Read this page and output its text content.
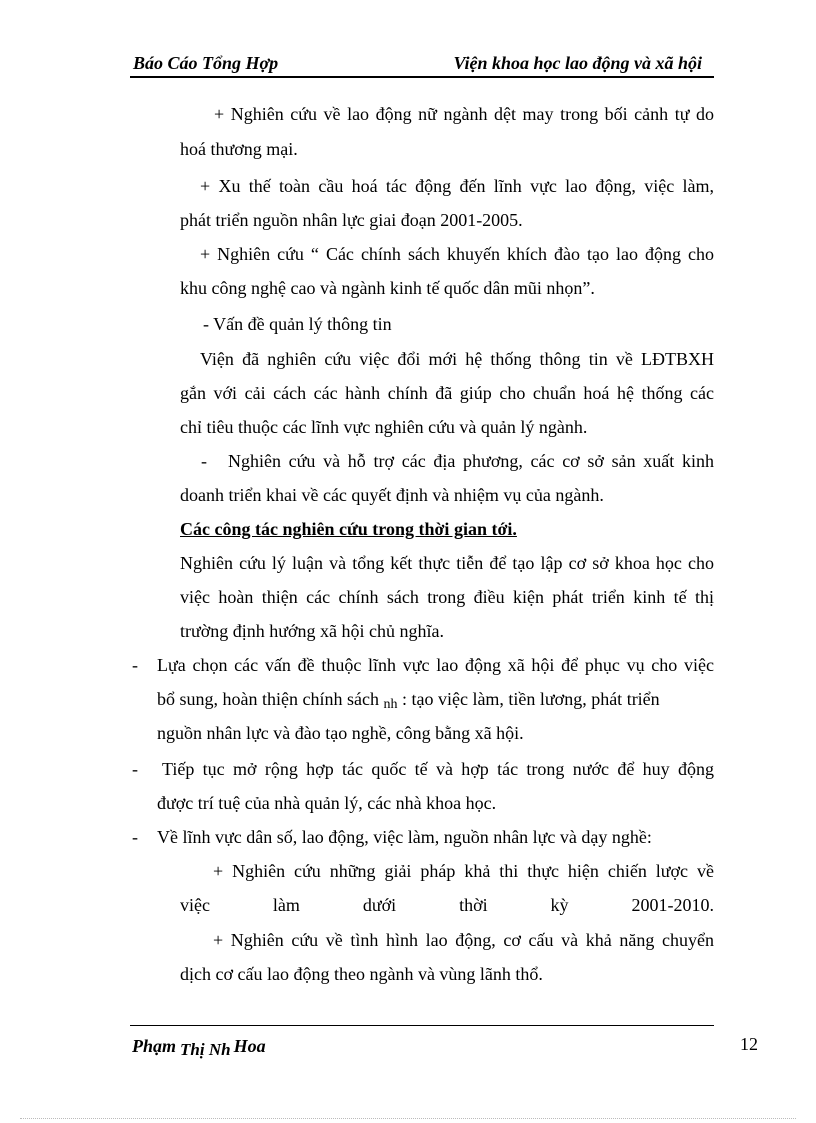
Báo Cáo Tổng Hợp	Viện khoa học lao động và xã hội
+ Nghiên cứu về lao động nữ ngành dệt may trong bối cảnh tự do
hoá thương mại.
+ Xu thế toàn cầu hoá tác động đến lĩnh vực lao động, việc làm,
phát triển nguồn nhân lực giai đoạn 2001-2005.
+ Nghiên cứu “ Các chính sách khuyến khích đào tạo lao động cho
khu công nghệ cao và ngành kinh tế quốc dân mũi nhọn”.
- Vấn đề quản lý thông tin
Viện đã nghiên cứu việc đổi mới hệ thống thông tin về LĐTBXH
gắn với cải cách các hành chính đã giúp cho chuẩn hoá hệ thống các
chỉ tiêu thuộc các lĩnh vực nghiên cứu và quản lý ngành.
- Nghiên cứu và hỗ trợ các địa phương, các cơ sở sản xuất kinh
doanh triển khai về các quyết định và nhiệm vụ của ngành.
Các công tác nghiên cứu trong thời gian tới.
Nghiên cứu lý luận và tổng kết thực tiễn để tạo lập cơ sở khoa học cho
việc hoàn thiện các chính sách trong điều kiện phát triển kinh tế thị
trường định hướng xã hội chủ nghĩa.
- Lựa chọn các vấn đề thuộc lĩnh vực lao động xã hội để phục vụ cho việc
bổ sung, hoàn thiện chính sách nh : tạo việc làm, tiền lương, phát triển
nguồn nhân lực và đào tạo nghề, công bằng xã hội.
- Tiếp tục mở rộng hợp tác quốc tế và hợp tác trong nước để huy động
được trí tuệ của nhà quản lý, các nhà khoa học.
- Về lĩnh vực dân số, lao động, việc làm, nguồn nhân lực và dạy nghề:
+ Nghiên cứu những giải pháp khả thi thực hiện chiến lược về
việc	làm	dưới	thời	kỳ	2001-2010.
+ Nghiên cứu về tình hình lao động, cơ cấu và khả năng chuyển
dịch cơ cấu lao động theo ngành và vùng lãnh thổ.
Phạm Thị Nh Hoa	12
